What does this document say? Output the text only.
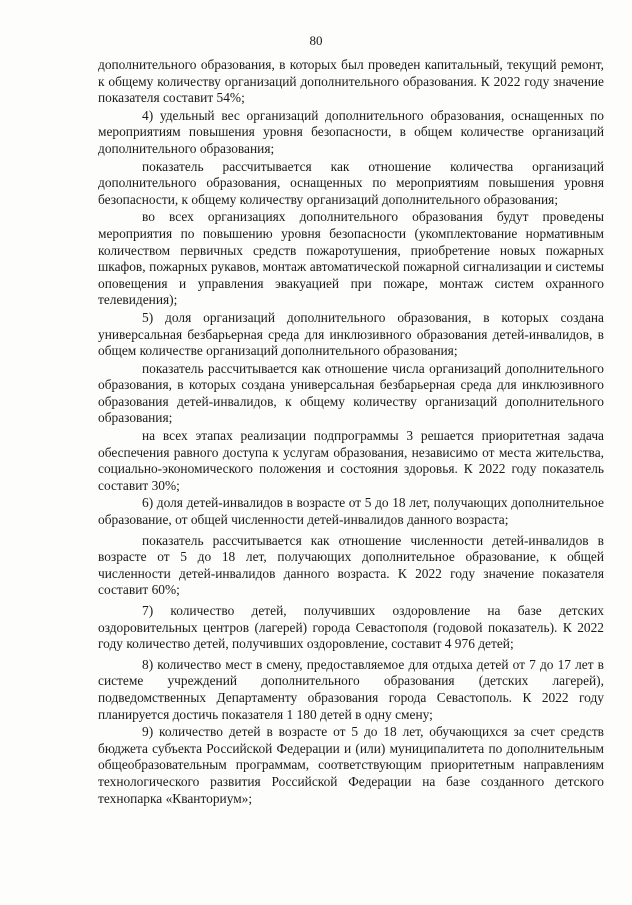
80

дополнительного образования, в которых был проведен капитальный, текущий ремонт, к общему количеству организаций дополнительного образования. К 2022 году значение показателя составит 54%;

4) удельный вес организаций дополнительного образования, оснащенных по мероприятиям повышения уровня безопасности, в общем количестве организаций дополнительного образования;

показатель рассчитывается как отношение количества организаций дополнительного образования, оснащенных по мероприятиям повышения уровня безопасности, к общему количеству организаций дополнительного образования;

во всех организациях дополнительного образования будут проведены мероприятия по повышению уровня безопасности (укомплектование нормативным количеством первичных средств пожаротушения, приобретение новых пожарных шкафов, пожарных рукавов, монтаж автоматической пожарной сигнализации и системы оповещения и управления эвакуацией при пожаре, монтаж систем охранного телевидения);

5) доля организаций дополнительного образования, в которых создана универсальная безбарьерная среда для инклюзивного образования детей-инвалидов, в общем количестве организаций дополнительного образования;

показатель рассчитывается как отношение числа организаций дополнительного образования, в которых создана универсальная безбарьерная среда для инклюзивного образования детей-инвалидов, к общему количеству организаций дополнительного образования;

на всех этапах реализации подпрограммы 3 решается приоритетная задача обеспечения равного доступа к услугам образования, независимо от места жительства, социально-экономического положения и состояния здоровья. К 2022 году показатель составит 30%;

6) доля детей-инвалидов в возрасте от 5 до 18 лет, получающих дополнительное образование, от общей численности детей-инвалидов данного возраста;

показатель рассчитывается как отношение численности детей-инвалидов в возрасте от 5 до 18 лет, получающих дополнительное образование, к общей численности детей-инвалидов данного возраста. К 2022 году значение показателя составит 60%;

7) количество детей, получивших оздоровление на базе детских оздоровительных центров (лагерей) города Севастополя (годовой показатель). К 2022 году количество детей, получивших оздоровление, составит 4 976 детей;

8) количество мест в смену, предоставляемое для отдыха детей от 7 до 17 лет в системе учреждений дополнительного образования (детских лагерей), подведомственных Департаменту образования города Севастополь. К 2022 году планируется достичь показателя 1 180 детей в одну смену;

9) количество детей в возрасте от 5 до 18 лет, обучающихся за счет средств бюджета субъекта Российской Федерации и (или) муниципалитета по дополнительным общеобразовательным программам, соответствующим приоритетным направлениям технологического развития Российской Федерации на базе созданного детского технопарка «Кванториум»;
